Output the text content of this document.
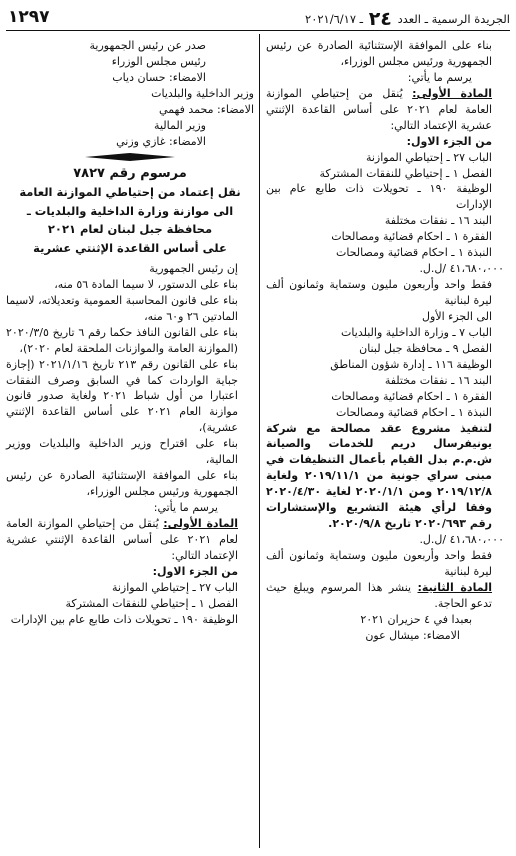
الجريدة الرسمية ـ العدد ٢٤ ـ ٢٠٢١/٦/١٧
١٢٩٧

بناء على الموافقة الإستثنائية الصادرة عن رئيس الجمهورية ورئيس مجلس الوزراء،

يرسم ما يأتي:

المادة الأولى: يُنقل من إحتياطي الموازنة العامة لعام ٢٠٢١ على أساس القاعدة الإثنتي عشرية الإعتماد التالي:

من الجزء الاول:

الباب ٢٧ ـ إحتياطي الموازنة

الفصل ١ ـ إحتياطي للنفقات المشتركة

الوظيفة ١٩٠ ـ تحويلات ذات طابع عام بين الإدارات

البند ١٦ ـ نفقات مختلفة

الفقرة ١ ـ احكام قضائية ومصالحات

النبذة ١ ـ احكام قضائية ومصالحات

٤١،٦٨٠،٠٠٠ /ل.ل.

فقط واحد وأربعون مليون وستماية وثمانون ألف ليرة لبنانية

الى الجزء الأول

الباب ٧ ـ وزارة الداخلية والبلديات

الفصل ٩ ـ محافظة جبل لبنان

الوظيفة ١١٦ ـ إدارة شؤون المناطق

البند ١٦ ـ نفقات مختلفة

الفقرة ١ ـ احكام قضائية ومصالحات

النبذة ١ ـ احكام قضائية ومصالحات

لتنفيذ مشروع عقد مصالحة مع شركة يونيفرسال دريم للخدمات والصيانة ش.م.م بدل القيام بأعمال التنظيفات في مبنى سراي جونية من ٢٠١٩/١١/١ ولغاية ٢٠١٩/١٢/٨ ومن ٢٠٢٠/١/١ لغاية ٢٠٢٠/٤/٣٠ وفقا لرأي هيئة التشريع والإستشارات رقم ٢٠٢٠/٦٩٣ تاريخ ٢٠٢٠/٩/٨.

٤١،٦٨٠،٠٠٠ /ل.ل.

فقط واحد وأربعون مليون وستماية وثمانون ألف ليرة لبنانية

المادة الثانية: ينشر هذا المرسوم ويبلغ حيث تدعو الحاجة.

بعبدا في ٤ حزيران ٢٠٢١

الامضاء: ميشال عون

صدر عن رئيس الجمهورية

رئيس مجلس الوزراء

الامضاء: حسان دياب

وزير الداخلية والبلديات

الامضاء: محمد فهمي

وزير المالية

الامضاء: غازي وزني

مرسوم رقم ٧٨٢٧
نقل إعتماد من إحتياطي الموازنة العامة
الى موازنة وزارة الداخلية والبلديات ـ
محافظة جبل لبنان لعام ٢٠٢١
على أساس القاعدة الإثنتي عشرية

إن رئيس الجمهورية

بناء على الدستور، لا سيما المادة ٥٦ منه،

بناء على قانون المحاسبة العمومية وتعديلاته، لاسيما المادتين ٢٦ و٦٠ منه،

بناء على القانون النافذ حكما رقم ٦ تاريخ ٢٠٢٠/٣/٥ (الموازنة العامة والموازنات الملحقة لعام ٢٠٢٠)،

بناء على القانون رقم ٢١٣ تاريخ ٢٠٢١/١/١٦ (إجازة جباية الواردات كما في السابق وصرف النفقات اعتبارا من أول شباط ٢٠٢١ ولغاية صدور قانون موازنة العام ٢٠٢١ على أساس القاعدة الإثنتي عشرية)،

بناء على اقتراح وزير الداخلية والبلديات ووزير المالية،

بناء على الموافقة الإستثنائية الصادرة عن رئيس الجمهورية ورئيس مجلس الوزراء،

يرسم ما يأتي:

المادة الأولى: يُنقل من إحتياطي الموازنة العامة لعام ٢٠٢١ على أساس القاعدة الإثنتي عشرية الإعتماد التالي:

من الجزء الاول:

الباب ٢٧ ـ إحتياطي الموازنة

الفصل ١ ـ إحتياطي للنفقات المشتركة

الوظيفة ١٩٠ ـ تحويلات ذات طابع عام بين الإدارات
